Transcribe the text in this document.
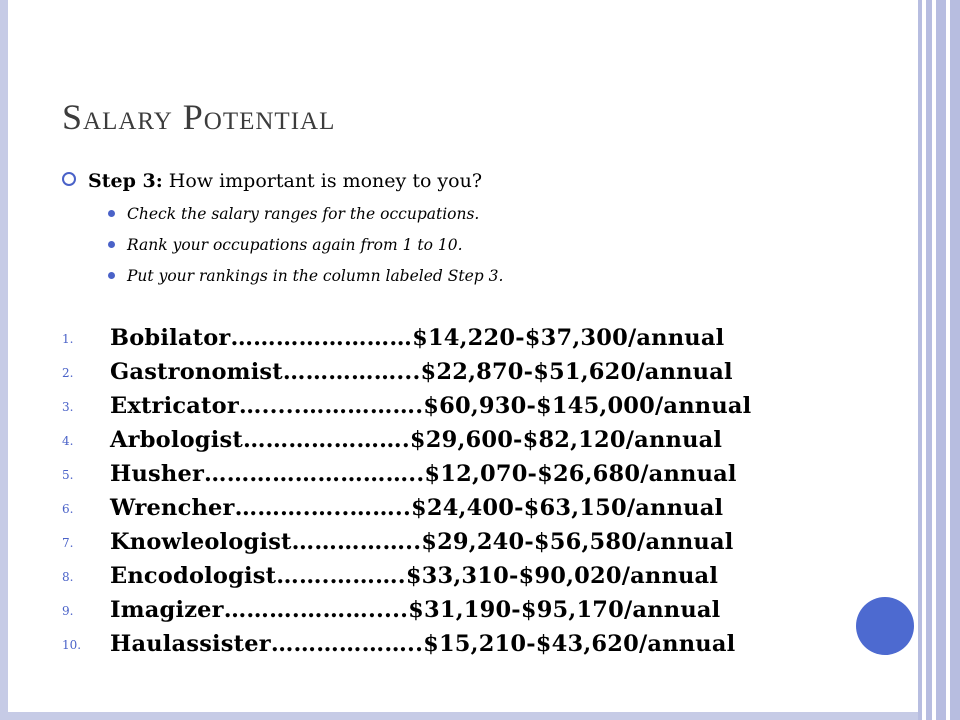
Salary Potential
Step 3: How important is money to you?
Check the salary ranges for the occupations.
Rank your occupations again from 1 to 10.
Put your rankings in the column labeled Step 3.
1. Bobilator……………………$14,220-$37,300/annual
2. Gastronomist……………...$22,870-$51,620/annual
3. Extricator….....…………….$60,930-$145,000/annual
4. Arbologist………………….$29,600-$82,120/annual
5. Husher………………………..$12,070-$26,680/annual
6. Wrencher……….…..……..$24,400-$63,150/annual
7. Knowleologist……………..$29,240-$56,580/annual
8. Encodologist…….……….$33,310-$90,020/annual
9. Imagizer……….……….....$31,190-$95,170/annual
10. Haulassister………………..$15,210-$43,620/annual
